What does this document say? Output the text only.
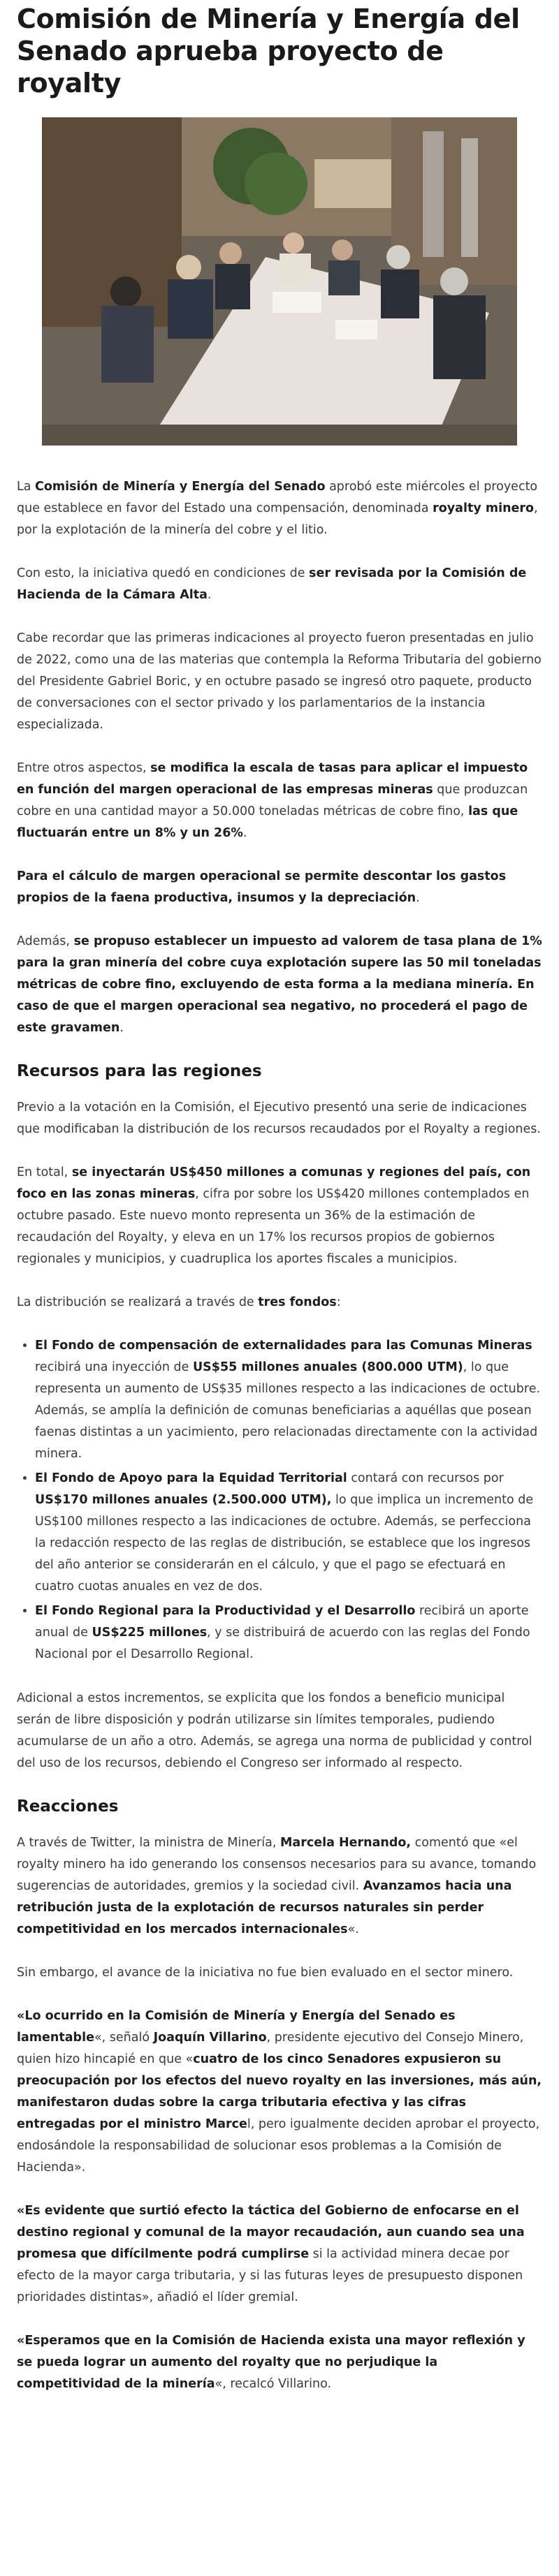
Comisión de Minería y Energía del Senado aprueba proyecto de royalty

La Comisión de Minería y Energía del Senado aprobó este miércoles el proyecto que establece en favor del Estado una compensación, denominada royalty minero, por la explotación de la minería del cobre y el litio.

Con esto, la iniciativa quedó en condiciones de ser revisada por la Comisión de Hacienda de la Cámara Alta.

Cabe recordar que las primeras indicaciones al proyecto fueron presentadas en julio de 2022, como una de las materias que contempla la Reforma Tributaria del gobierno del Presidente Gabriel Boric, y en octubre pasado se ingresó otro paquete, producto de conversaciones con el sector privado y los parlamentarios de la instancia especializada.

Entre otros aspectos, se modifica la escala de tasas para aplicar el impuesto en función del margen operacional de las empresas mineras que produzcan cobre en una cantidad mayor a 50.000 toneladas métricas de cobre fino, las que fluctuarán entre un 8% y un 26%.

Para el cálculo de margen operacional se permite descontar los gastos propios de la faena productiva, insumos y la depreciación.

Además, se propuso establecer un impuesto ad valorem de tasa plana de 1% para la gran minería del cobre cuya explotación supere las 50 mil toneladas métricas de cobre fino, excluyendo de esta forma a la mediana minería. En caso de que el margen operacional sea negativo, no procederá el pago de este gravamen.

Recursos para las regiones

Previo a la votación en la Comisión, el Ejecutivo presentó una serie de indicaciones que modificaban la distribución de los recursos recaudados por el Royalty a regiones.

En total, se inyectarán US$450 millones a comunas y regiones del país, con foco en las zonas mineras, cifra por sobre los US$420 millones contemplados en octubre pasado. Este nuevo monto representa un 36% de la estimación de recaudación del Royalty, y eleva en un 17% los recursos propios de gobiernos regionales y municipios, y cuadruplica los aportes fiscales a municipios.

La distribución se realizará a través de tres fondos:

• El Fondo de compensación de externalidades para las Comunas Mineras recibirá una inyección de US$55 millones anuales (800.000 UTM), lo que representa un aumento de US$35 millones respecto a las indicaciones de octubre. Además, se amplía la definición de comunas beneficiarias a aquéllas que posean faenas distintas a un yacimiento, pero relacionadas directamente con la actividad minera.
• El Fondo de Apoyo para la Equidad Territorial contará con recursos por US$170 millones anuales (2.500.000 UTM), lo que implica un incremento de US$100 millones respecto a las indicaciones de octubre. Además, se perfecciona la redacción respecto de las reglas de distribución, se establece que los ingresos del año anterior se considerarán en el cálculo, y que el pago se efectuará en cuatro cuotas anuales en vez de dos.
• El Fondo Regional para la Productividad y el Desarrollo recibirá un aporte anual de US$225 millones, y se distribuirá de acuerdo con las reglas del Fondo Nacional por el Desarrollo Regional.

Adicional a estos incrementos, se explicita que los fondos a beneficio municipal serán de libre disposición y podrán utilizarse sin límites temporales, pudiendo acumularse de un año a otro. Además, se agrega una norma de publicidad y control del uso de los recursos, debiendo el Congreso ser informado al respecto.

Reacciones

A través de Twitter, la ministra de Minería, Marcela Hernando, comentó que «el royalty minero ha ido generando los consensos necesarios para su avance, tomando sugerencias de autoridades, gremios y la sociedad civil. Avanzamos hacia una retribución justa de la explotación de recursos naturales sin perder competitividad en los mercados internacionales«.

Sin embargo, el avance de la iniciativa no fue bien evaluado en el sector minero.

«Lo ocurrido en la Comisión de Minería y Energía del Senado es lamentable«, señaló Joaquín Villarino, presidente ejecutivo del Consejo Minero, quien hizo hincapié en que «cuatro de los cinco Senadores expusieron su preocupación por los efectos del nuevo royalty en las inversiones, más aún, manifestaron dudas sobre la carga tributaria efectiva y las cifras entregadas por el ministro Marcel, pero igualmente deciden aprobar el proyecto, endosándole la responsabilidad de solucionar esos problemas a la Comisión de Hacienda».

«Es evidente que surtió efecto la táctica del Gobierno de enfocarse en el destino regional y comunal de la mayor recaudación, aun cuando sea una promesa que difícilmente podrá cumplirse si la actividad minera decae por efecto de la mayor carga tributaria, y si las futuras leyes de presupuesto disponen prioridades distintas», añadió el líder gremial.

«Esperamos que en la Comisión de Hacienda exista una mayor reflexión y se pueda lograr un aumento del royalty que no perjudique la competitividad de la minería«, recalcó Villarino.
